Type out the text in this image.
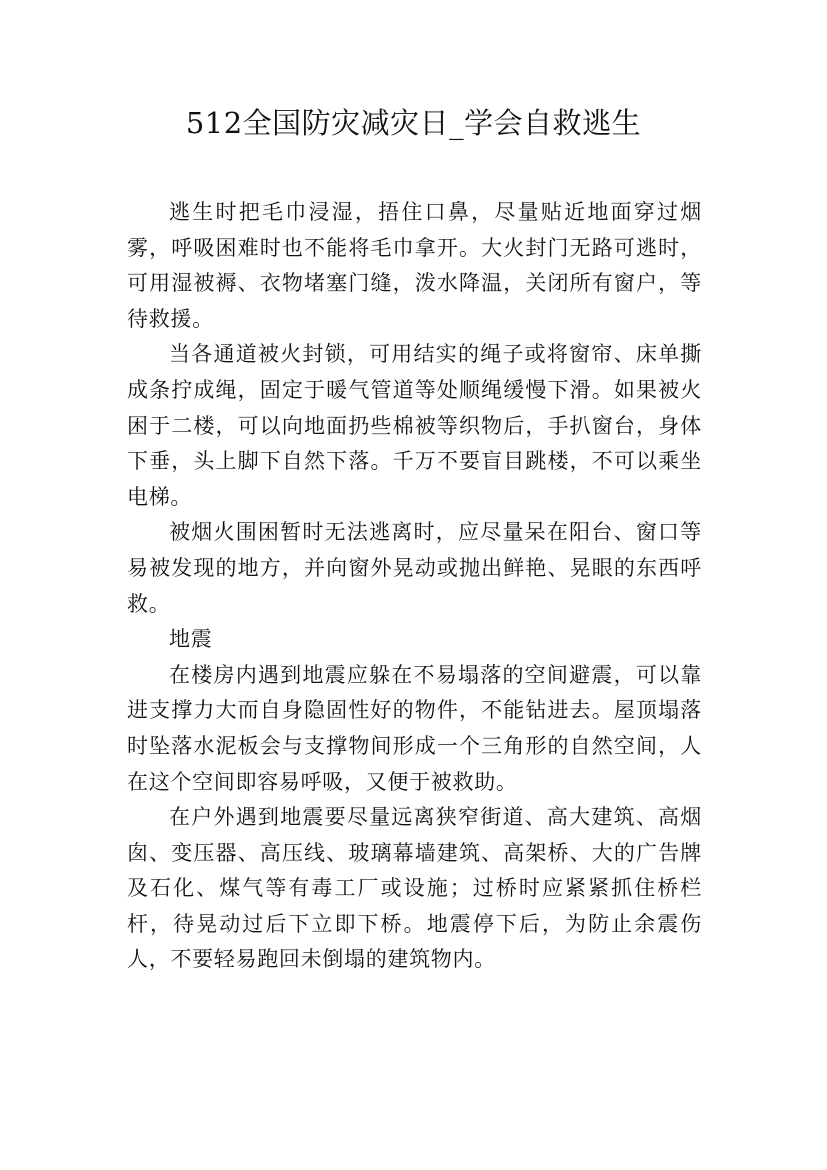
512全国防灾减灾日_学会自救逃生

逃生时把毛巾浸湿，捂住口鼻，尽量贴近地面穿过烟雾，呼吸困难时也不能将毛巾拿开。大火封门无路可逃时，可用湿被褥、衣物堵塞门缝，泼水降温，关闭所有窗户，等待救援。

当各通道被火封锁，可用结实的绳子或将窗帘、床单撕成条拧成绳，固定于暖气管道等处顺绳缓慢下滑。如果被火困于二楼，可以向地面扔些棉被等织物后，手扒窗台，身体下垂，头上脚下自然下落。千万不要盲目跳楼，不可以乘坐电梯。

被烟火围困暂时无法逃离时，应尽量呆在阳台、窗口等易被发现的地方，并向窗外晃动或抛出鲜艳、晃眼的东西呼救。

地震

在楼房内遇到地震应躲在不易塌落的空间避震，可以靠进支撑力大而自身隐固性好的物件，不能钻进去。屋顶塌落时坠落水泥板会与支撑物间形成一个三角形的自然空间，人在这个空间即容易呼吸，又便于被救助。

在户外遇到地震要尽量远离狭窄街道、高大建筑、高烟囱、变压器、高压线、玻璃幕墙建筑、高架桥、大的广告牌及石化、煤气等有毒工厂或设施；过桥时应紧紧抓住桥栏杆，待晃动过后下立即下桥。地震停下后，为防止余震伤人，不要轻易跑回未倒塌的建筑物内。
